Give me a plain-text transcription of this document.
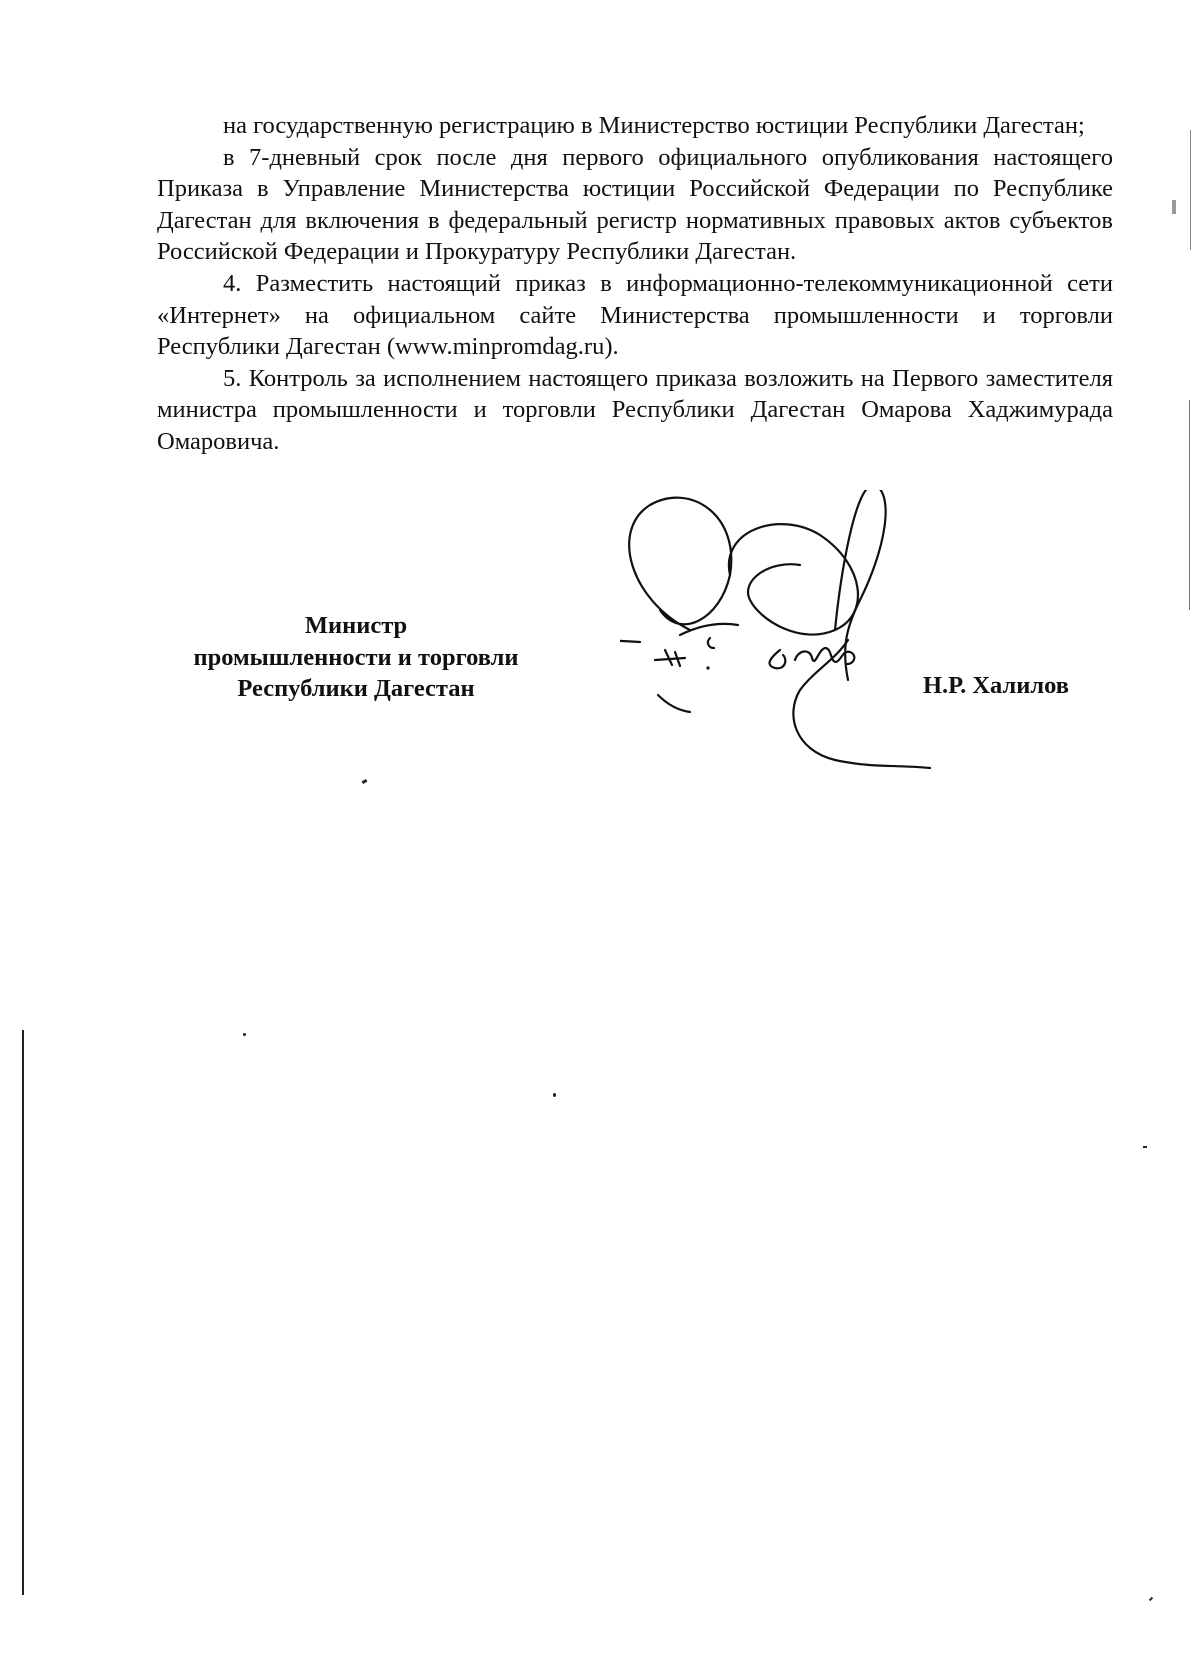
на государственную регистрацию в Министерство юстиции Республики Дагестан;

в 7-дневный срок после дня первого официального опубликования настоящего Приказа в Управление Министерства юстиции Российской Федерации по Республике Дагестан для включения в федеральный регистр нормативных правовых актов субъектов Российской Федерации и Прокуратуру Республики Дагестан.

4. Разместить настоящий приказ в информационно-телекоммуникационной сети «Интернет» на официальном сайте Министерства промышленности и торговли Республики Дагестан (www.minpromdag.ru).

5. Контроль за исполнением настоящего приказа возложить на Первого заместителя министра промышленности и торговли Республики Дагестан Омарова Хаджимурада Омаровича.

Министр
промышленности и торговли
Республики Дагестан	Н.Р. Халилов
